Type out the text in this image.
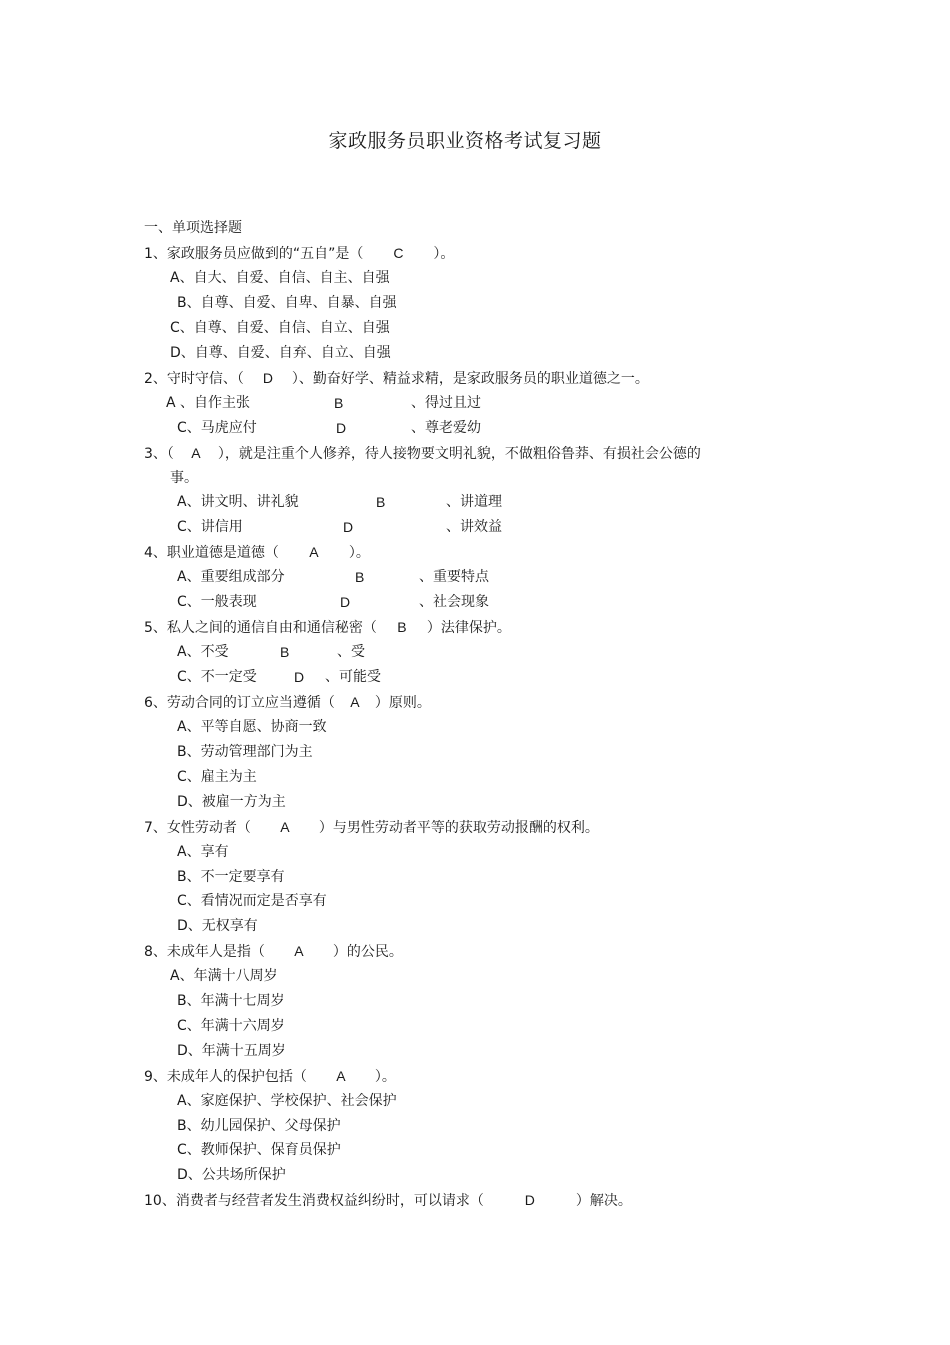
家政服务员职业资格考试复习题
一、单项选择题
1、家政服务员应做到的“五自”是（ C ）。
A、自大、自爱、自信、自主、自强
B、自尊、自爱、自卑、自暴、自强
C、自尊、自爱、自信、自立、自强
D、自尊、自爱、自弃、自立、自强
2、守时守信、（ D ）、勤奋好学、精益求精，是家政服务员的职业道德之一。
A 、自作主张	B	、得过且过
C、马虎应付	D	、尊老爱幼
3、（ A ），就是注重个人修养，待人接物要文明礼貌，不做粗俗鲁莽、有损社会公德的
事。
A、讲文明、讲礼貌	B	、讲道理
C、讲信用	D	、讲效益
4、职业道德是道德（ A ）。
A、重要组成部分	B	、重要特点
C、一般表现	D	、社会现象
5、私人之间的通信自由和通信秘密（ B ）法律保护。
A、不受	B	、受
C、不一定受	D 、可能受
6、劳动合同的订立应当遵循（ A ）原则。
A、平等自愿、协商一致
B、劳动管理部门为主
C、雇主为主
D、被雇一方为主
7、女性劳动者（ A ）与男性劳动者平等的获取劳动报酬的权利。
A、享有
B、不一定要享有
C、看情况而定是否享有
D、无权享有
8、未成年人是指（ A ）的公民。
A、年满十八周岁
B、年满十七周岁
C、年满十六周岁
D、年满十五周岁
9、未成年人的保护包括（ A ）。
A、家庭保护、学校保护、社会保护
B、幼儿园保护、父母保护
C、教师保护、保育员保护
D、公共场所保护
10、消费者与经营者发生消费权益纠纷时，可以请求（	D	）解决。
